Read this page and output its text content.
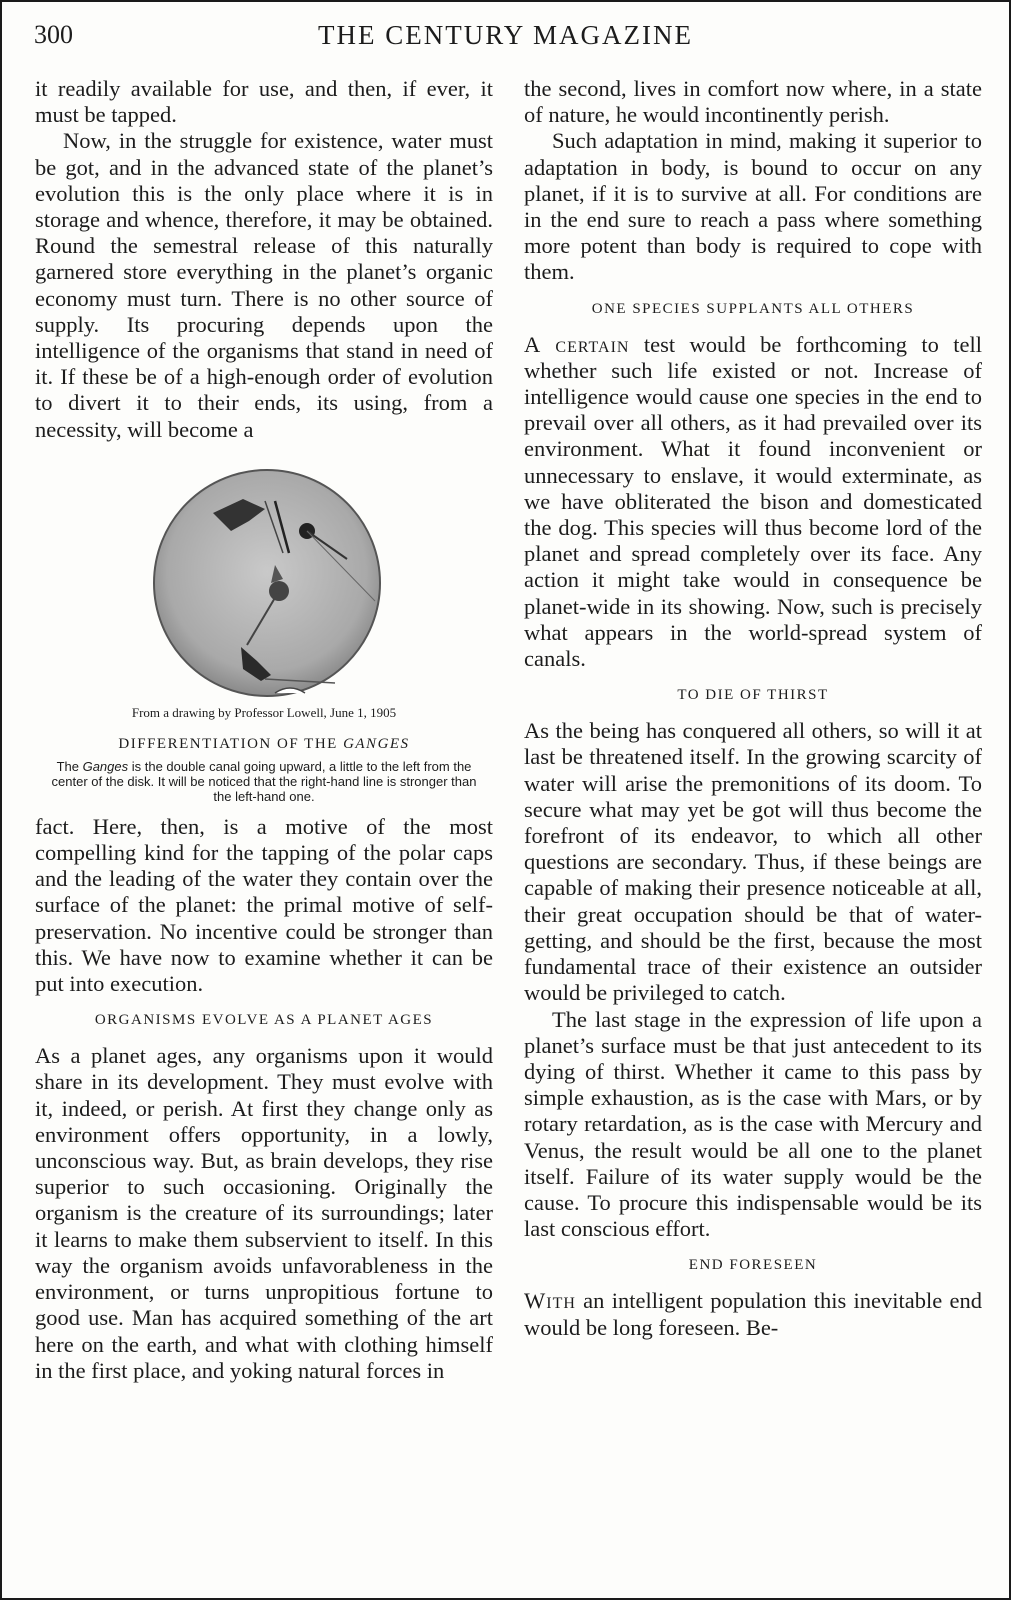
300	THE CENTURY MAGAZINE

it readily available for use, and then, if ever, it must be tapped.

Now, in the struggle for existence, water must be got, and in the advanced state of the planet’s evolution this is the only place where it is in storage and whence, therefore, it may be obtained. Round the semestral release of this naturally garnered store everything in the planet’s organic economy must turn. There is no other source of supply. Its procuring depends upon the intelligence of the organisms that stand in need of it. If these be of a high-enough order of evolution to divert it to their ends, its using, from a necessity, will become a

From a drawing by Professor Lowell, June 1, 1905
DIFFERENTIATION OF THE GANGES
The Ganges is the double canal going upward, a little to the left from the center of the disk. It will be noticed that the right-hand line is stronger than the left-hand one.

fact. Here, then, is a motive of the most compelling kind for the tapping of the polar caps and the leading of the water they contain over the surface of the planet: the primal motive of self-preservation. No incentive could be stronger than this. We have now to examine whether it can be put into execution.

ORGANISMS EVOLVE AS A PLANET AGES

As a planet ages, any organisms upon it would share in its development. They must evolve with it, indeed, or perish. At first they change only as environment offers opportunity, in a lowly, unconscious way. But, as brain develops, they rise superior to such occasioning. Originally the organism is the creature of its surroundings; later it learns to make them subservient to itself. In this way the organism avoids unfavorableness in the environment, or turns unpropitious fortune to good use. Man has acquired something of the art here on the earth, and what with clothing himself in the first place, and yoking natural forces in

the second, lives in comfort now where, in a state of nature, he would incontinently perish.

Such adaptation in mind, making it superior to adaptation in body, is bound to occur on any planet, if it is to survive at all. For conditions are in the end sure to reach a pass where something more potent than body is required to cope with them.

ONE SPECIES SUPPLANTS ALL OTHERS

A certain test would be forthcoming to tell whether such life existed or not. Increase of intelligence would cause one species in the end to prevail over all others, as it had prevailed over its environment. What it found inconvenient or unnecessary to enslave, it would exterminate, as we have obliterated the bison and domesticated the dog. This species will thus become lord of the planet and spread completely over its face. Any action it might take would in consequence be planet-wide in its showing. Now, such is precisely what appears in the world-spread system of canals.

TO DIE OF THIRST

As the being has conquered all others, so will it at last be threatened itself. In the growing scarcity of water will arise the premonitions of its doom. To secure what may yet be got will thus become the forefront of its endeavor, to which all other questions are secondary. Thus, if these beings are capable of making their presence noticeable at all, their great occupation should be that of water-getting, and should be the first, because the most fundamental trace of their existence an outsider would be privileged to catch.

The last stage in the expression of life upon a planet’s surface must be that just antecedent to its dying of thirst. Whether it came to this pass by simple exhaustion, as is the case with Mars, or by rotary retardation, as is the case with Mercury and Venus, the result would be all one to the planet itself. Failure of its water supply would be the cause. To procure this indispensable would be its last conscious effort.

END FORESEEN

With an intelligent population this inevitable end would be long foreseen. Be-
